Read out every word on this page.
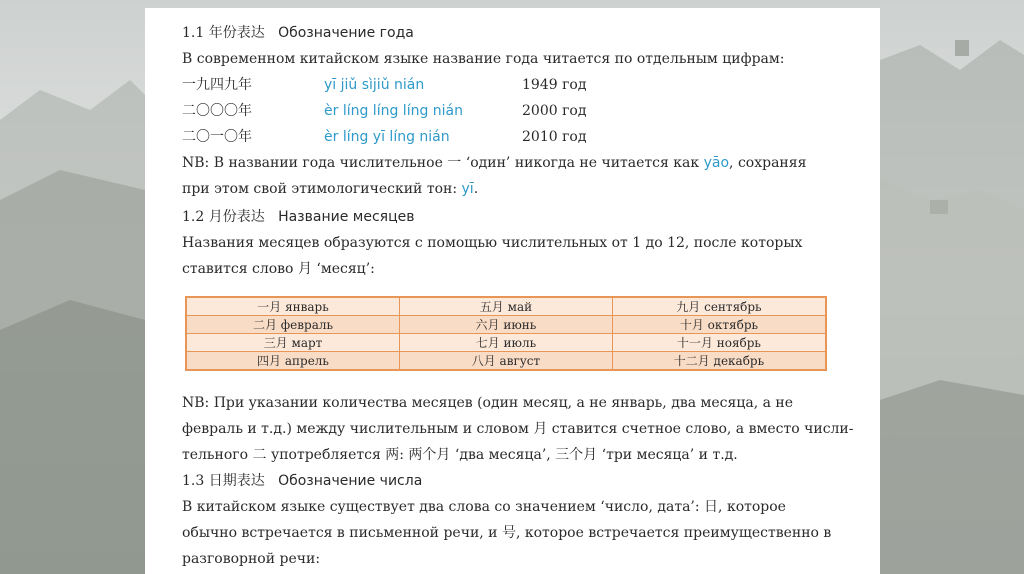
1.1 年份表达 Обозначение года
В современном китайском языке название года читается по отдельным цифрам:
一九四九年	yī jiǔ sìjiǔ nián	1949 год
二〇〇〇年	èr líng líng líng nián	2000 год
二〇一〇年	èr líng yī líng nián	2010 год
NB: В названии года числительное 一 ‘один’ никогда не читается как yāo, сохраняя
при этом свой этимологический тон: yī.
1.2 月份表达 Название месяцев
Названия месяцев образуются с помощью числительных от 1 до 12, после которых
ставится слово 月 ‘месяц’:
一月 январь	五月 май	九月 сентябрь
二月 февраль	六月 июнь	十月 октябрь
三月 март	七月 июль	十一月 ноябрь
四月 апрель	八月 август	十二月 декабрь
NB: При указании количества месяцев (один месяц, а не январь, два месяца, а не
февраль и т.д.) между числительным и словом 月 ставится счетное слово, а вместо числи-
тельного 二 употребляется 两: 两个月 ‘два месяца’, 三个月 ‘три месяца’ и т.д.
1.3 日期表达 Обозначение числа
В китайском языке существует два слова со значением ‘число, дата’: 日, которое
обычно встречается в письменной речи, и 号, которое встречается преимущественно в
разговорной речи:
